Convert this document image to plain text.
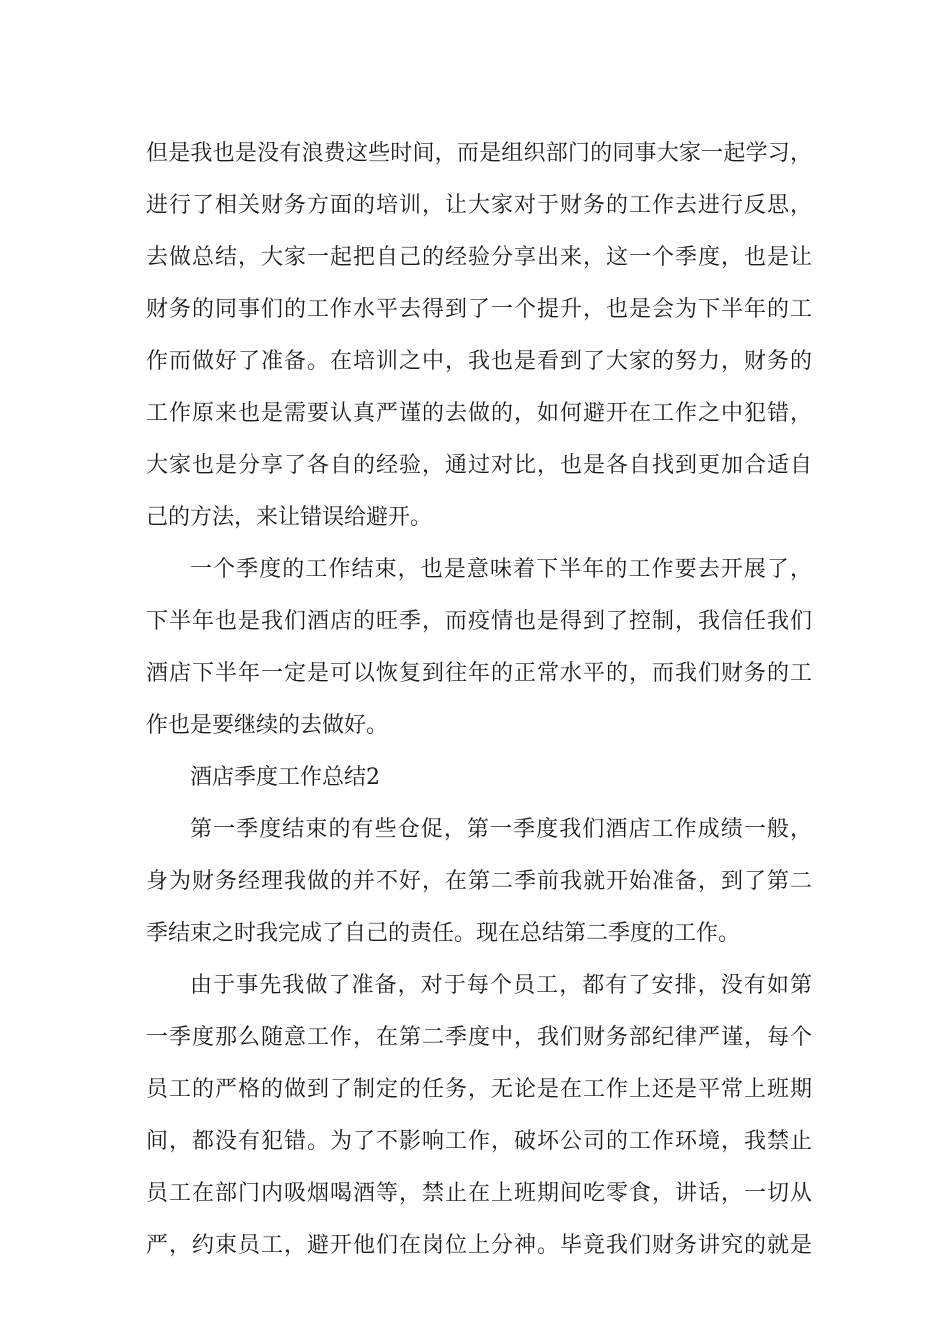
但是我也是没有浪费这些时间，而是组织部门的同事大家一起学习，
进行了相关财务方面的培训，让大家对于财务的工作去进行反思，
去做总结，大家一起把自己的经验分享出来，这一个季度，也是让
财务的同事们的工作水平去得到了一个提升，也是会为下半年的工
作而做好了准备。在培训之中，我也是看到了大家的努力，财务的
工作原来也是需要认真严谨的去做的，如何避开在工作之中犯错，
大家也是分享了各自的经验，通过对比，也是各自找到更加合适自
己的方法，来让错误给避开。

一个季度的工作结束，也是意味着下半年的工作要去开展了，
下半年也是我们酒店的旺季，而疫情也是得到了控制，我信任我们
酒店下半年一定是可以恢复到往年的正常水平的，而我们财务的工
作也是要继续的去做好。

酒店季度工作总结2

第一季度结束的有些仓促，第一季度我们酒店工作成绩一般，
身为财务经理我做的并不好，在第二季前我就开始准备，到了第二
季结束之时我完成了自己的责任。现在总结第二季度的工作。

由于事先我做了准备，对于每个员工，都有了安排，没有如第
一季度那么随意工作，在第二季度中，我们财务部纪律严谨，每个
员工的严格的做到了制定的任务，无论是在工作上还是平常上班期
间，都没有犯错。为了不影响工作，破坏公司的工作环境，我禁止
员工在部门内吸烟喝酒等，禁止在上班期间吃零食，讲话，一切从
严，约束员工，避开他们在岗位上分神。毕竟我们财务讲究的就是
